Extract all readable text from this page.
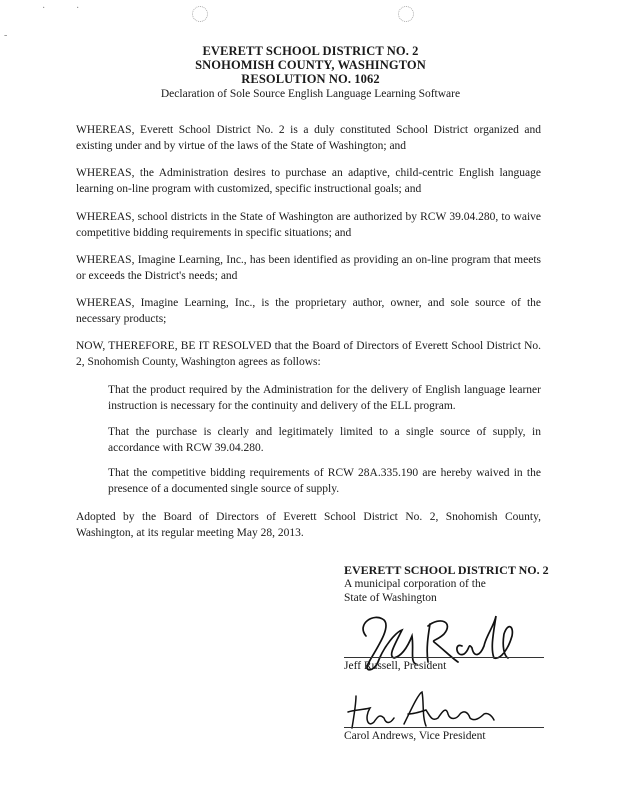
-
·	·
EVERETT SCHOOL DISTRICT NO. 2
SNOHOMISH COUNTY, WASHINGTON
RESOLUTION NO. 1062
Declaration of Sole Source English Language Learning Software

WHEREAS, Everett School District No. 2 is a duly constituted School District organized and existing under and by virtue of the laws of the State of Washington; and

WHEREAS, the Administration desires to purchase an adaptive, child-centric English language learning on-line program with customized, specific instructional goals; and

WHEREAS, school districts in the State of Washington are authorized by RCW 39.04.280, to waive competitive bidding requirements in specific situations; and

WHEREAS, Imagine Learning, Inc., has been identified as providing an on-line program that meets or exceeds the District's needs; and

WHEREAS, Imagine Learning, Inc., is the proprietary author, owner, and sole source of the necessary products;

NOW, THEREFORE, BE IT RESOLVED that the Board of Directors of Everett School District No. 2, Snohomish County, Washington agrees as follows:

That the product required by the Administration for the delivery of English language learner instruction is necessary for the continuity and delivery of the ELL program.

That the purchase is clearly and legitimately limited to a single source of supply, in accordance with RCW 39.04.280.

That the competitive bidding requirements of RCW 28A.335.190 are hereby waived in the presence of a documented single source of supply.

Adopted by the Board of Directors of Everett School District No. 2, Snohomish County, Washington, at its regular meeting May 28, 2013.

EVERETT SCHOOL DISTRICT NO. 2
A municipal corporation of the
State of Washington
Jeff Russell, President
Carol Andrews, Vice President
